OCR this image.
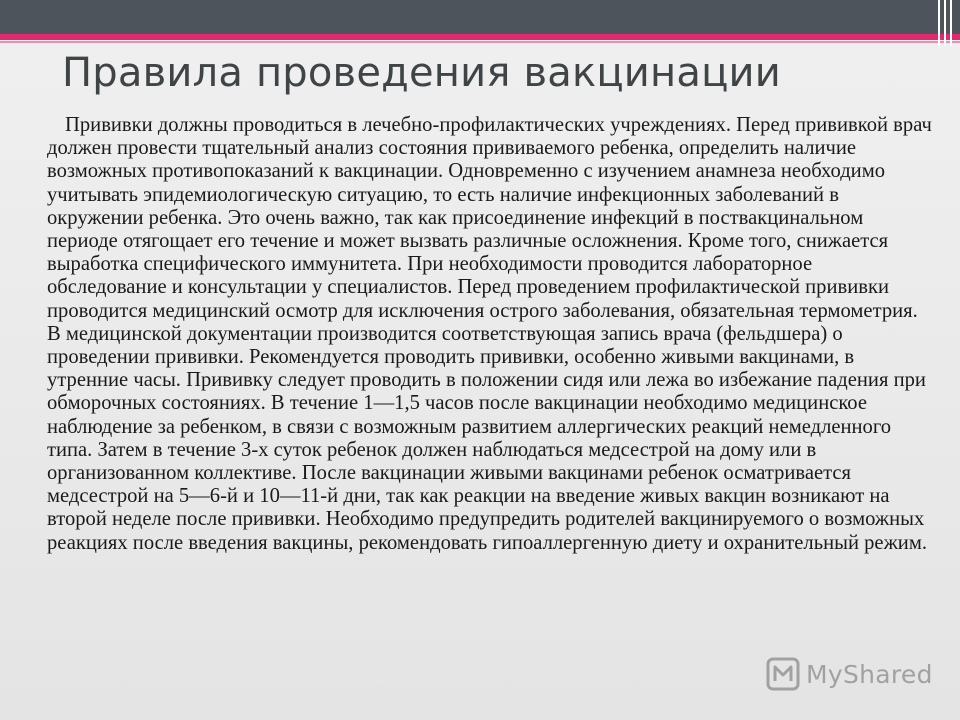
Правила проведения вакцинации

Прививки должны проводиться в лечебно-профилактических учреждениях. Перед прививкой врач должен провести тщательный анализ состояния прививаемого ребенка, определить наличие возможных противопоказаний к вакцинации. Одновременно с изучением анамнеза необходимо учитывать эпидемиологическую ситуацию, то есть наличие инфекционных заболеваний в окружении ребенка. Это очень важно, так как присоединение инфекций в поствакцинальном периоде отягощает его течение и может вызвать различные осложнения. Кроме того, снижается выработка специфического иммунитета. При необходимости проводится лабораторное обследование и консультации у специалистов. Перед проведением профилактической прививки проводится медицинский осмотр для исключения острого заболевания, обязательная термометрия. В медицинской документации производится соответствующая запись врача (фельдшера) о проведении прививки. Рекомендуется проводить прививки, особенно живыми вакцинами, в утренние часы. Прививку следует проводить в положении сидя или лежа во избежание падения при обморочных состояниях. В течение 1—1,5 часов после вакцинации необходимо медицинское наблюдение за ребенком, в связи с возможным развитием аллергических реакций немедленного типа. Затем в течение 3-х суток ребенок должен наблюдаться медсестрой на дому или в организованном коллективе. После вакцинации живыми вакцинами ребенок осматривается медсестрой на 5—6-й и 10—11-й дни, так как реакции на введение живых вакцин возникают на второй неделе после прививки. Необходимо предупредить родителей вакцинируемого о возможных реакциях после введения вакцины, рекомендовать гипоаллергенную диету и охранительный режим.

MyShared
